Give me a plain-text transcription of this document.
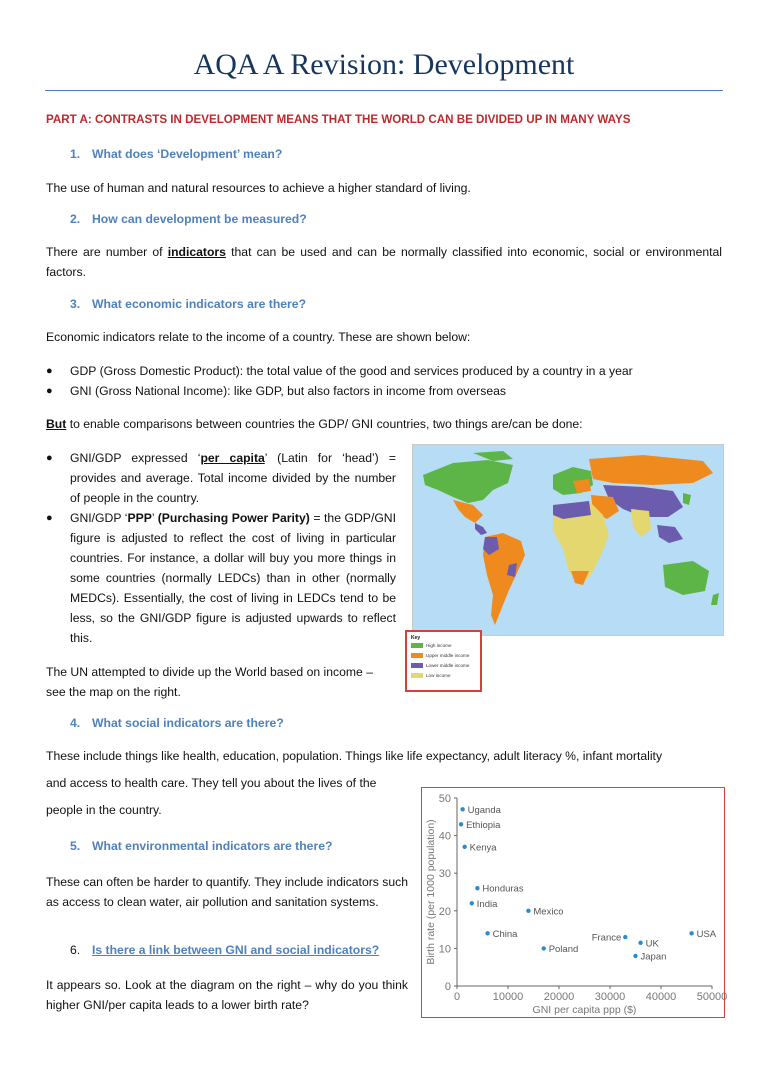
AQA A Revision: Development
PART A: CONTRASTS IN DEVELOPMENT MEANS THAT THE WORLD CAN BE DIVIDED UP IN MANY WAYS
1. What does ‘Development’ mean?
The use of human and natural resources to achieve a higher standard of living.
2. How can development be measured?
There are number of indicators that can be used and can be normally classified into economic, social or environmental factors.
3. What economic indicators are there?
Economic indicators relate to the income of a country. These are shown below:
● GDP (Gross Domestic Product): the total value of the good and services produced by a country in a year
● GNI (Gross National Income): like GDP, but also factors in income from overseas
But to enable comparisons between countries the GDP/ GNI countries, two things are/can be done:
● GNI/GDP expressed ‘per capita’ (Latin for ‘head’) = provides and average. Total income divided by the number of people in the country.
● GNI/GDP ‘PPP’ (Purchasing Power Parity) = the GDP/GNI figure is adjusted to reflect the cost of living in particular countries. For instance, a dollar will buy you more things in some countries (normally LEDCs) than in other (normally MEDCs). Essentially, the cost of living in LEDCs tend to be less, so the GNI/GDP figure is adjusted upwards to reflect this.
The UN attempted to divide up the World based on income – see the map on the right.
Key
High income
Upper middle income
Lower middle income
Low income
4. What social indicators are there?
These include things like health, education, population. Things like life expectancy, adult literacy %, infant mortality
and access to health care. They tell you about the lives of the
people in the country.
5. What environmental indicators are there?
These can often be harder to quantify. They include indicators such as access to clean water, air pollution and sanitation systems.
6. Is there a link between GNI and social indicators?
It appears so. Look at the diagram on the right – why do you think higher GNI/per capita leads to a lower birth rate?
0
10
20
30
40
50
0	10000 20000 30000 40000 50000
GNI per capita ppp ($)
Birth rate (per 1000 population)
Uganda
Ethiopia
Kenya
Honduras
India
Mexico
China
Poland
France
UK
Japan
USA
